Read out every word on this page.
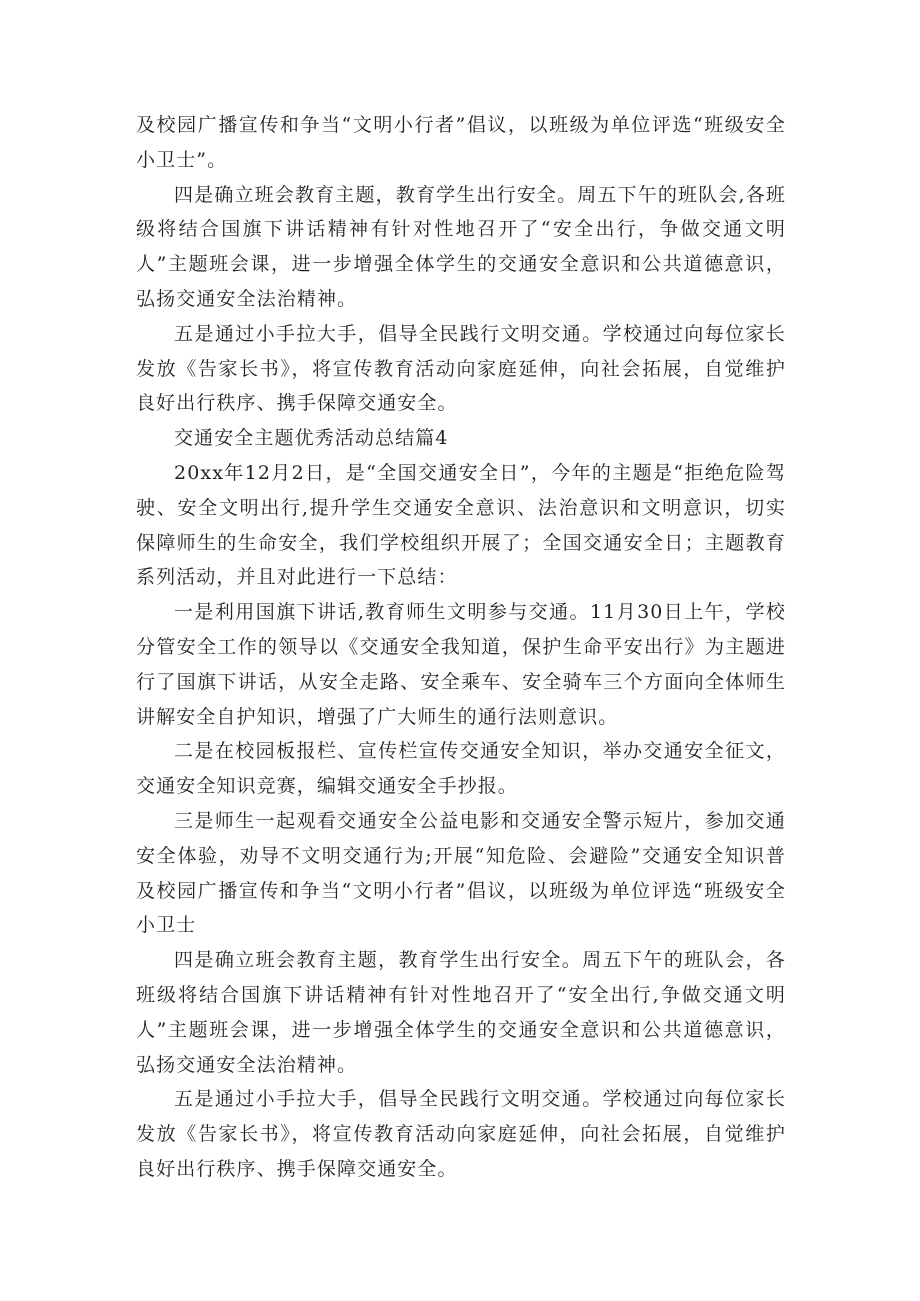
及校园广播宣传和争当“文明小行者”倡议，以班级为单位评选“班级安全小卫士”。

四是确立班会教育主题，教育学生出行安全。周五下午的班队会,各班级将结合国旗下讲话精神有针对性地召开了“安全出行，争做交通文明人”主题班会课，进一步增强全体学生的交通安全意识和公共道德意识，弘扬交通安全法治精神。

五是通过小手拉大手，倡导全民践行文明交通。学校通过向每位家长发放《告家长书》，将宣传教育活动向家庭延伸，向社会拓展，自觉维护良好出行秩序、携手保障交通安全。

交通安全主题优秀活动总结篇4

20xx年12月2日，是“全国交通安全日”，今年的主题是“拒绝危险驾驶、安全文明出行,提升学生交通安全意识、法治意识和文明意识，切实保障师生的生命安全，我们学校组织开展了；全国交通安全日；主题教育系列活动，并且对此进行一下总结：

一是利用国旗下讲话,教育师生文明参与交通。11月30日上午，学校分管安全工作的领导以《交通安全我知道，保护生命平安出行》为主题进行了国旗下讲话，从安全走路、安全乘车、安全骑车三个方面向全体师生讲解安全自护知识，增强了广大师生的通行法则意识。

二是在校园板报栏、宣传栏宣传交通安全知识，举办交通安全征文，交通安全知识竞赛，编辑交通安全手抄报。

三是师生一起观看交通安全公益电影和交通安全警示短片，参加交通安全体验，劝导不文明交通行为;开展“知危险、会避险”交通安全知识普及校园广播宣传和争当“文明小行者”倡议，以班级为单位评选“班级安全小卫士

四是确立班会教育主题，教育学生出行安全。周五下午的班队会，各班级将结合国旗下讲话精神有针对性地召开了“安全出行,争做交通文明人”主题班会课，进一步增强全体学生的交通安全意识和公共道德意识，弘扬交通安全法治精神。

五是通过小手拉大手，倡导全民践行文明交通。学校通过向每位家长发放《告家长书》，将宣传教育活动向家庭延伸，向社会拓展，自觉维护良好出行秩序、携手保障交通安全。
